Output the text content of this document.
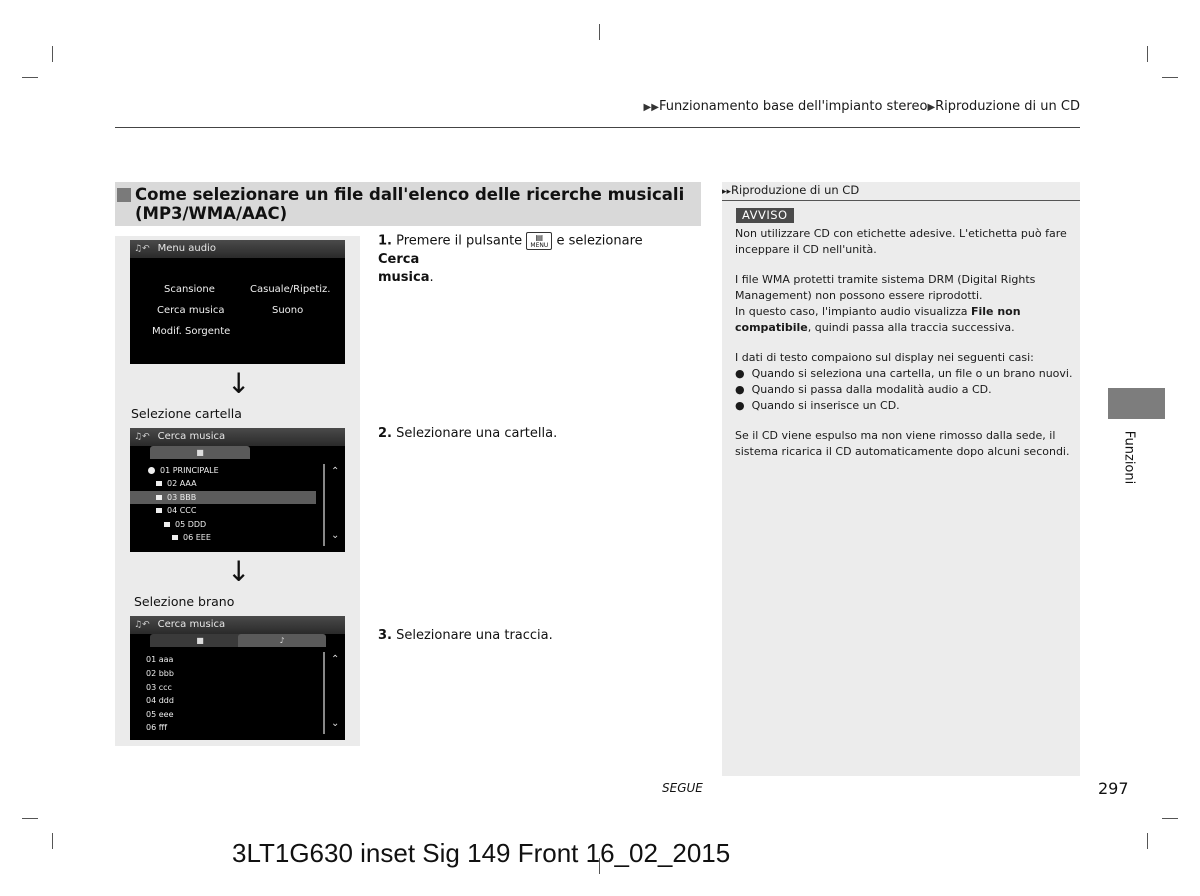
▶▶Funzionamento base dell'impianto stereo▶Riproduzione di un CD
Come selezionare un file dall'elenco delle ricerche musicali
(MP3/WMA/AAC)
♫↶ Menu audio
Scansione	Casuale/Ripetiz.
Cerca musica	Suono
Modif. Sorgente
↓
Selezione cartella
♫↶ Cerca musica
■
01 PRINCIPALE
02 AAA
03 BBB
04 CCC
05 DDD
06 EEE
⌃
⌄
↓
Selezione brano
♫↶ Cerca musica
■	♪
01 aaa
02 bbb
03 ccc
04 ddd
05 eee
06 fff
⌃
⌄
1. Premere il pulsante	▤
MENU e selezionare Cerca
musica.
2. Selezionare una cartella.
3. Selezionare una traccia.
▸▸Riproduzione di un CD
AVVISO
Non utilizzare CD con etichette adesive. L'etichetta può fare inceppare il CD nell'unità.
I file WMA protetti tramite sistema DRM (Digital Rights Management) non possono essere riprodotti.
In questo caso, l'impianto audio visualizza File non compatibile, quindi passa alla traccia successiva.
I dati di testo compaiono sul display nei seguenti casi:
●  Quando si seleziona una cartella, un file o un brano nuovi.
●  Quando si passa dalla modalità audio a CD.
●  Quando si inserisce un CD.
Se il CD viene espulso ma non viene rimosso dalla sede, il sistema ricarica il CD automaticamente dopo alcuni secondi.	Funzioni
SEGUE	297
3LT1G630 inset Sig 149 Front 16_02_2015
